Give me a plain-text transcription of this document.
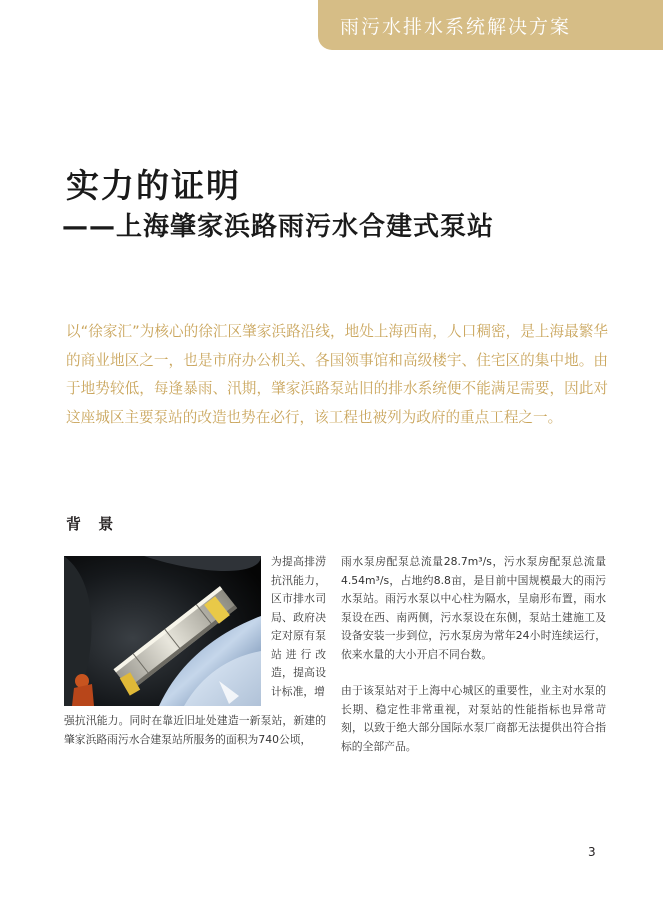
雨污水排水系统解决方案
实力的证明
——上海肇家浜路雨污水合建式泵站

以“徐家汇”为核心的徐汇区肇家浜路沿线，地处上海西南，人口稠密，是上海最繁华的商业地区之一，也是市府办公机关、各国领事馆和高级楼宇、住宅区的集中地。由于地势较低，每逢暴雨、汛期，肇家浜路泵站旧的排水系统便不能满足需要，因此对这座城区主要泵站的改造也势在必行，该工程也被列为政府的重点工程之一。

背 景

为提高排涝抗汛能力，区市排水司局、政府决定对原有泵站进行改造，提高设计标准，增

强抗汛能力。同时在靠近旧址处建造一新泵站，新建的肇家浜路雨污水合建泵站所服务的面积为740公顷，

雨水泵房配泵总流量28.7m³/s，污水泵房配泵总流量4.54m³/s，占地约8.8亩，是目前中国规模最大的雨污水泵站。雨污水泵以中心柱为隔水，呈扇形布置，雨水泵设在西、南两侧，污水泵设在东侧，泵站土建施工及设备安装一步到位，污水泵房为常年24小时连续运行，依来水量的大小开启不同台数。

由于该泵站对于上海中心城区的重要性，业主对水泵的长期、稳定性非常重视，对泵站的性能指标也异常苛刻，以致于绝大部分国际水泵厂商都无法提供出符合指标的全部产品。

3
